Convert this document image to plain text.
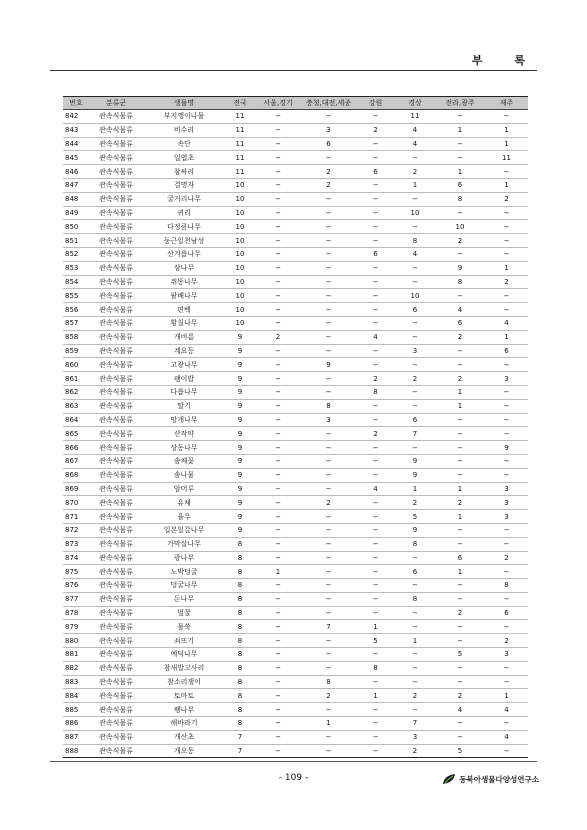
부 록
번호	분류군	생물명	전국	서울,경기	충청,대전,세종	강원	경상	전라,광주	제주
842	관속식물류	부지깽이나물	11	−	−	−	11	−	−
843	관속식물류	비수리	11	−	3	2	4	1	1
844	관속식물류	속단	11	−	6	−	4	−	1
845	관속식물류	일엽초	11	−	−	−	−	−	11
846	관속식물류	참싸리	11	−	2	6	2	1	−
847	관속식물류	결명자	10	−	2	−	1	6	1
848	관속식물류	굴거리나무	10	−	−	−	−	8	2
849	관속식물류	귀리	10	−	−	−	10	−	−
850	관속식물류	다정큼나무	10	−	−	−	−	10	−
851	관속식물류	둥근잎천남성	10	−	−	−	8	2	−
852	관속식물류	산겨릅나무	10	−	−	6	4	−	−
853	관속식물류	삼나무	10	−	−	−	−	9	1
854	관속식물류	쥐똥나무	10	−	−	−	−	8	2
855	관속식물류	팥배나무	10	−	−	−	10	−	−
856	관속식물류	편백	10	−	−	−	6	4	−
857	관속식물류	황칠나무	10	−	−	−	−	6	4
858	관속식물류	개비름	9	2	−	4	−	2	1
859	관속식물류	계요등	9	−	−	−	3	−	6
860	관속식물류	고광나무	9	−	9	−	−	−	−
861	관속식물류	괭이밥	9	−	−	2	2	2	3
862	관속식물류	다릅나무	9	−	−	8	−	1	−
863	관속식물류	딸기	9	−	8	−	−	1	−
864	관속식물류	망개나무	9	−	3	−	6	−	−
865	관속식물류	산작약	9	−	−	2	7	−	−
866	관속식물류	상동나무	9	−	−	−	−	−	9
867	관속식물류	솜체꽃	9	−	−	−	9	−	−
868	관속식물류	솜나물	9	−	−	−	9	−	−
869	관속식물류	암머루	9	−	−	4	1	1	3
870	관속식물류	유채	9	−	2	−	2	2	3
871	관속식물류	율무	9	−	−	−	5	1	3
872	관속식물류	일본잎갈나무	9	−	−	−	9	−	−
873	관속식물류	가막살나무	8	−	−	−	8	−	−
874	관속식물류	광나무	8	−	−	−	−	6	2
875	관속식물류	노박덩굴	8	1	−	−	6	1	−
876	관속식물류	덩굴나무	8	−	−	−	−	−	8
877	관속식물류	돈나무	8	−	−	−	8	−	−
878	관속식물류	멀꿀	8	−	−	−	−	2	6
879	관속식물류	물쑥	8	−	7	1	−	−	−
880	관속식물류	쇠뜨기	8	−	−	5	1	−	2
881	관속식물류	예덕나무	8	−	−	−	−	5	3
882	관속식물류	참새발고사리	8	−	−	8	−	−	−
883	관속식물류	참소리쟁이	8	−	8	−	−	−	−
884	관속식물류	토마토	8	−	2	1	2	2	1
885	관속식물류	팽나무	8	−	−	−	−	4	4
886	관속식물류	해바라기	8	−	1	−	7	−	−
887	관속식물류	개산초	7	−	−	−	3	−	4
888	관속식물류	개오동	7	−	−	−	2	5	−
- 109 -	동북아생물다양성연구소
